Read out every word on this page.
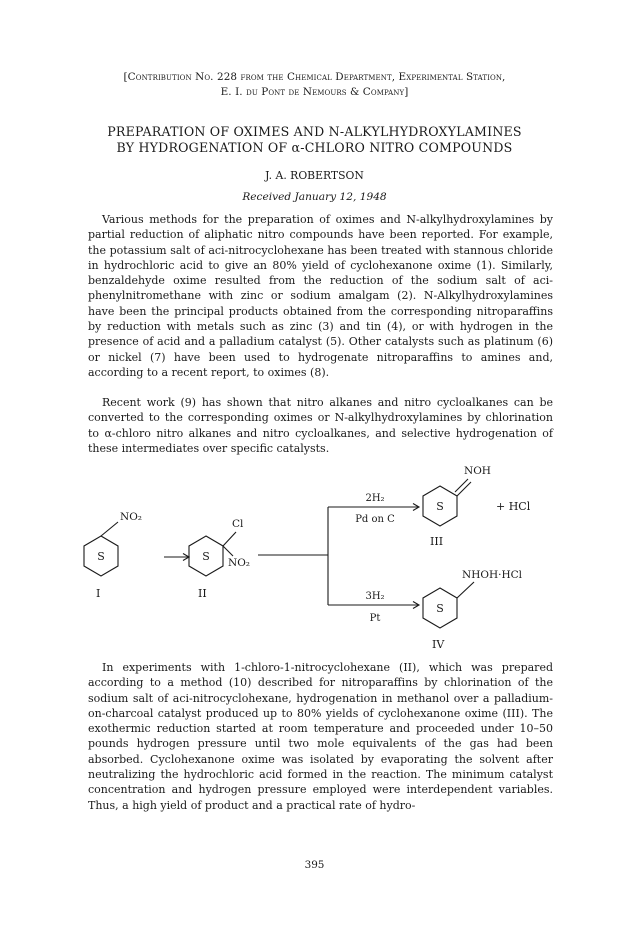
[Contribution No. 228 from the Chemical Department, Experimental Station,
E. I. du Pont de Nemours & Company]
PREPARATION OF OXIMES AND N-ALKYLHYDROXYLAMINES
BY HYDROGENATION OF α-CHLORO NITRO COMPOUNDS
J. A. ROBERTSON
Received January 12, 1948

Various methods for the preparation of oximes and N-alkylhydroxylamines by partial reduction of aliphatic nitro compounds have been reported. For example, the potassium salt of aci-nitrocyclohexane has been treated with stannous chloride in hydrochloric acid to give an 80% yield of cyclohexanone oxime (1). Similarly, benzaldehyde oxime resulted from the reduction of the sodium salt of aci-phenylnitromethane with zinc or sodium amalgam (2). N-Alkylhydroxylamines have been the principal products obtained from the corresponding nitroparaffins by reduction with metals such as zinc (3) and tin (4), or with hydrogen in the presence of acid and a palladium catalyst (5). Other catalysts such as platinum (6) or nickel (7) have been used to hydrogenate nitroparaffins to amines and, according to a recent report, to oximes (8).

Recent work (9) has shown that nitro alkanes and nitro cycloalkanes can be converted to the corresponding oximes or N-alkylhydroxylamines by chlorination to α-chloro nitro alkanes and nitro cycloalkanes, and selective hydrogenation of these intermediates over specific catalysts.

S
NO₂
I
S
Cl
NO₂
II
2H₂
Pd on C
S
NOH
+ HCl
III
3H₂
Pt
S
NHOH·HCl
IV

In experiments with 1-chloro-1-nitrocyclohexane (II), which was prepared according to a method (10) described for nitroparaffins by chlorination of the sodium salt of aci-nitrocyclohexane, hydrogenation in methanol over a palladium-on-charcoal catalyst produced up to 80% yields of cyclohexanone oxime (III). The exothermic reduction started at room temperature and proceeded under 10–50 pounds hydrogen pressure until two mole equivalents of the gas had been absorbed. Cyclohexanone oxime was isolated by evaporating the solvent after neutralizing the hydrochloric acid formed in the reaction. The minimum catalyst concentration and hydrogen pressure employed were interdependent variables. Thus, a high yield of product and a practical rate of hydro-

395
